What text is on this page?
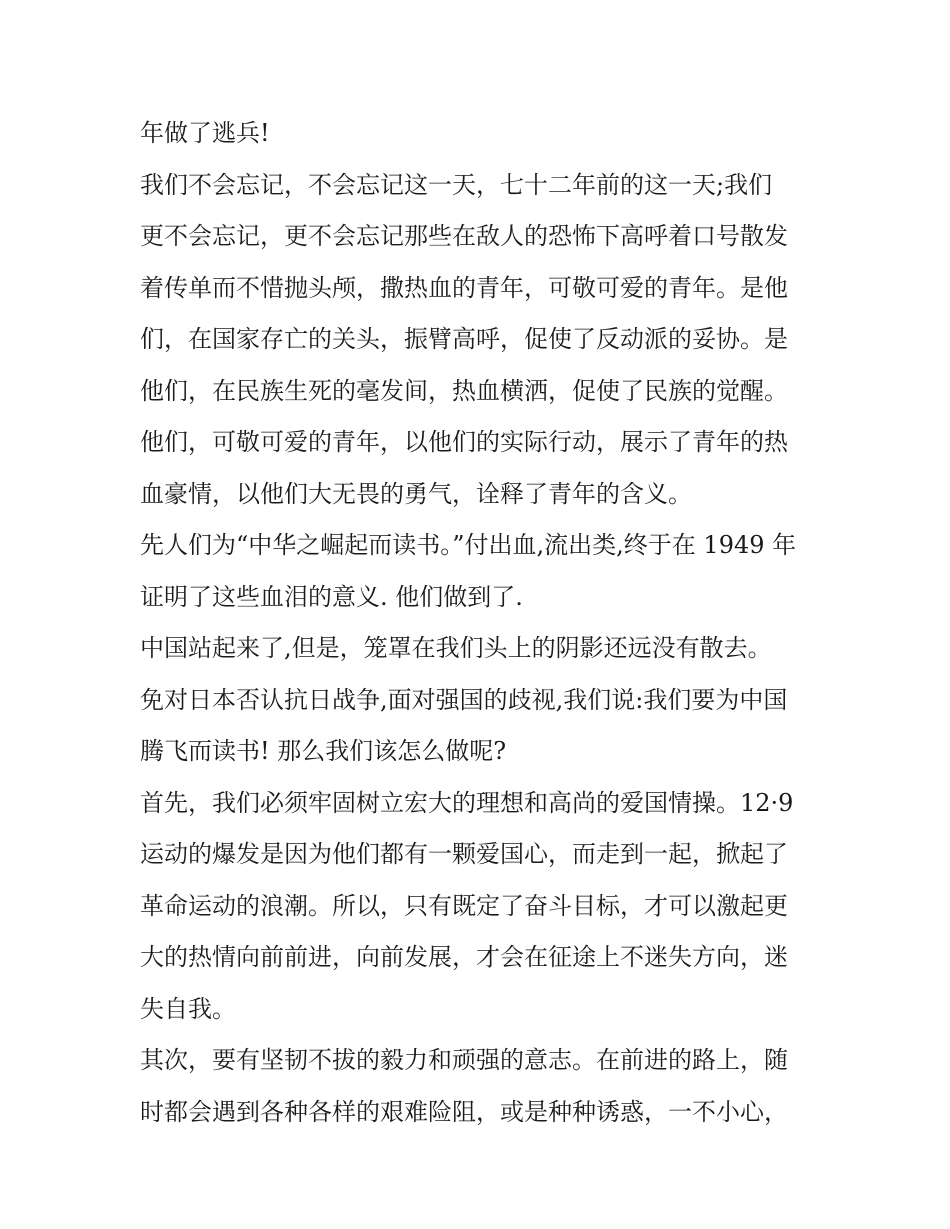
年做了逃兵!
我们不会忘记，不会忘记这一天，七十二年前的这一天;我们
更不会忘记，更不会忘记那些在敌人的恐怖下高呼着口号散发
着传单而不惜抛头颅，撒热血的青年，可敬可爱的青年。是他
们，在国家存亡的关头，振臂高呼，促使了反动派的妥协。是
他们，在民族生死的毫发间，热血横洒，促使了民族的觉醒。
他们，可敬可爱的青年，以他们的实际行动，展示了青年的热
血豪情，以他们大无畏的勇气，诠释了青年的含义。
先人们为“中华之崛起而读书。”付出血,流出类,终于在 1949 年
证明了这些血泪的意义. 他们做到了.
中国站起来了,但是，笼罩在我们头上的阴影还远没有散去。
免对日本否认抗日战争,面对强国的歧视,我们说:我们要为中国
腾飞而读书! 那么我们该怎么做呢?
首先，我们必须牢固树立宏大的理想和高尚的爱国情操。12·9
运动的爆发是因为他们都有一颗爱国心，而走到一起，掀起了
革命运动的浪潮。所以，只有既定了奋斗目标，才可以激起更
大的热情向前前进，向前发展，才会在征途上不迷失方向，迷
失自我。
其次，要有坚韧不拔的毅力和顽强的意志。在前进的路上，随
时都会遇到各种各样的艰难险阻，或是种种诱惑，一不小心，
